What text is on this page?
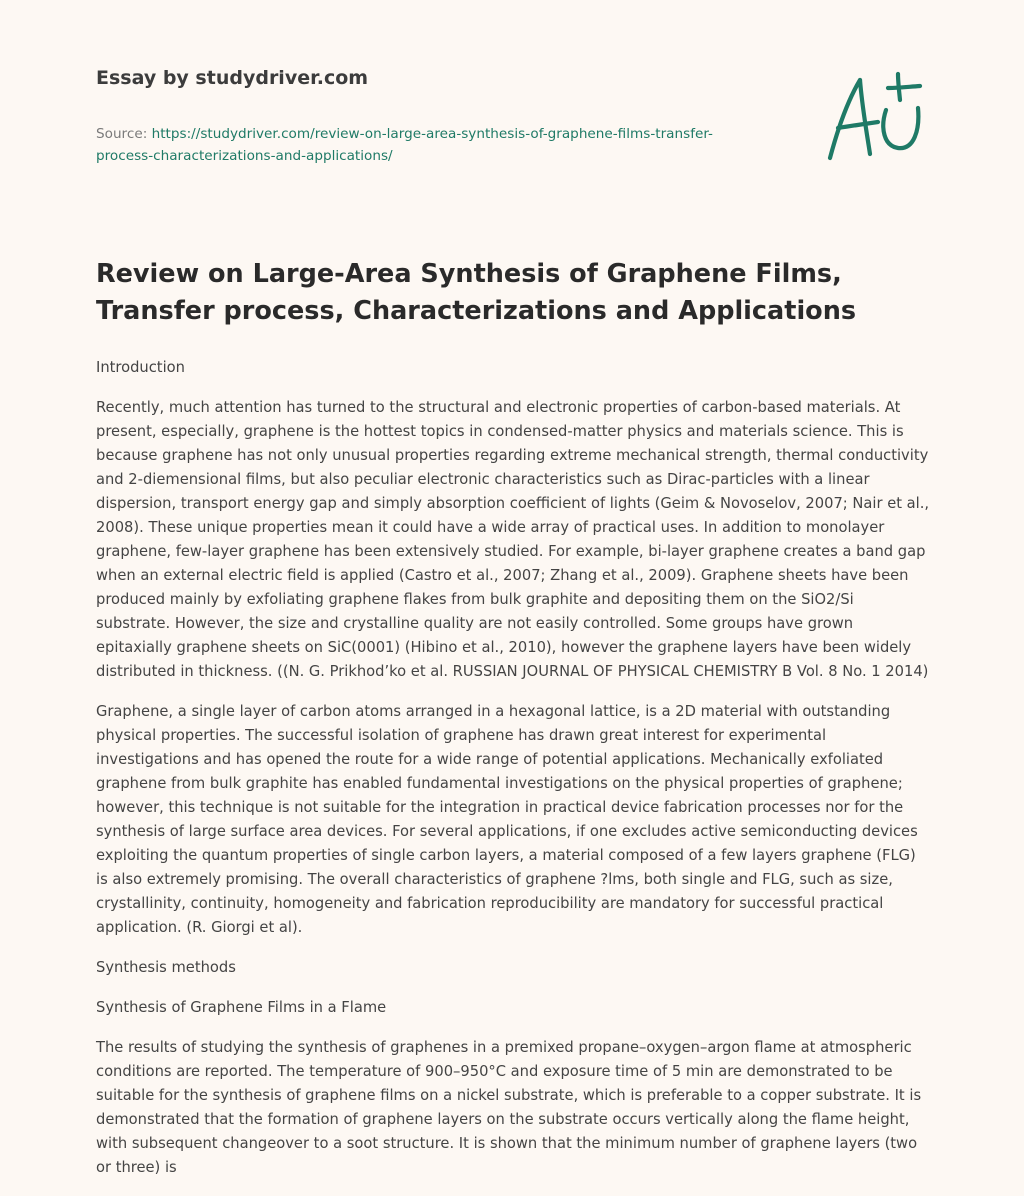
Essay by studydriver.com
Source: https://studydriver.com/review-on-large-area-synthesis-of-graphene-films-transfer-process-characterizations-and-applications/
Review on Large-Area Synthesis of Graphene Films, Transfer process, Characterizations and Applications

Introduction

Recently, much attention has turned to the structural and electronic properties of carbon-based materials. At present, especially, graphene is the hottest topics in condensed-matter physics and materials science. This is because graphene has not only unusual properties regarding extreme mechanical strength, thermal conductivity and 2-diemensional films, but also peculiar electronic characteristics such as Dirac-particles with a linear dispersion, transport energy gap and simply absorption coefficient of lights (Geim & Novoselov, 2007; Nair et al., 2008). These unique properties mean it could have a wide array of practical uses. In addition to monolayer graphene, few-layer graphene has been extensively studied. For example, bi-layer graphene creates a band gap when an external electric field is applied (Castro et al., 2007; Zhang et al., 2009). Graphene sheets have been produced mainly by exfoliating graphene flakes from bulk graphite and depositing them on the SiO2/Si substrate. However, the size and crystalline quality are not easily controlled. Some groups have grown epitaxially graphene sheets on SiC(0001) (Hibino et al., 2010), however the graphene layers have been widely distributed in thickness. ((N. G. Prikhod’ko et al. RUSSIAN JOURNAL OF PHYSICAL CHEMISTRY B Vol. 8 No. 1 2014)

Graphene, a single layer of carbon atoms arranged in a hexagonal lattice, is a 2D material with outstanding physical properties. The successful isolation of graphene has drawn great interest for experimental investigations and has opened the route for a wide range of potential applications. Mechanically exfoliated graphene from bulk graphite has enabled fundamental investigations on the physical properties of graphene; however, this technique is not suitable for the integration in practical device fabrication processes nor for the synthesis of large surface area devices. For several applications, if one excludes active semiconducting devices exploiting the quantum properties of single carbon layers, a material composed of a few layers graphene (FLG) is also extremely promising. The overall characteristics of graphene ?lms, both single and FLG, such as size, crystallinity, continuity, homogeneity and fabrication reproducibility are mandatory for successful practical application. (R. Giorgi et al).

Synthesis methods

Synthesis of Graphene Films in a Flame

The results of studying the synthesis of graphenes in a premixed propane–oxygen–argon flame at atmospheric conditions are reported. The temperature of 900–950°C and exposure time of 5 min are demonstrated to be suitable for the synthesis of graphene films on a nickel substrate, which is preferable to a copper substrate. It is demonstrated that the formation of graphene layers on the substrate occurs vertically along the flame height, with subsequent changeover to a soot structure. It is shown that the minimum number of graphene layers (two or three) is
